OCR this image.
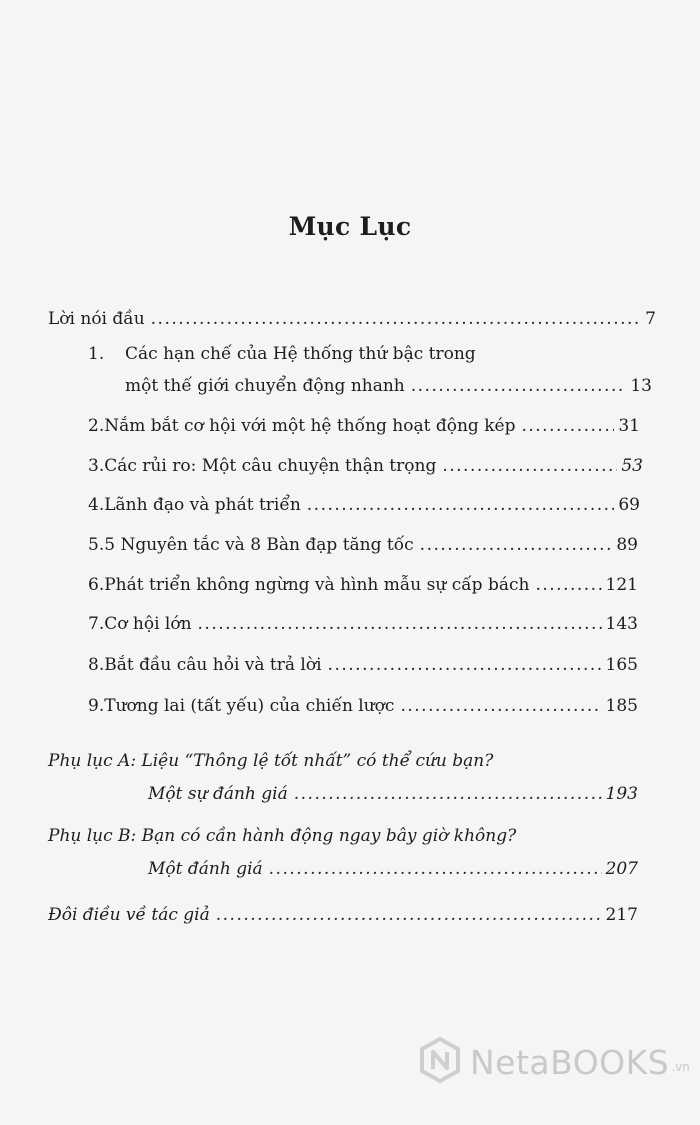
Mục Lục
Lời nói đầu .....	7
1.	Các hạn chế của Hệ thống thứ bậc trong
một thế giới chuyển động nhanh .....	13
2. Nắm bắt cơ hội với một hệ thống hoạt động kép .....	31
3. Các rủi ro: Một câu chuyện thận trọng .....	53
4. Lãnh đạo và phát triển .....	69
5. 5 Nguyên tắc và 8 Bàn đạp tăng tốc .....	89
6. Phát triển không ngừng và hình mẫu sự cấp bách .....	121
7. Cơ hội lớn .....	143
8. Bắt đầu câu hỏi và trả lời .....	165
9. Tương lai (tất yếu) của chiến lược .....	185
Phụ lục A: Liệu “Thông lệ tốt nhất” có thể cứu bạn?
Một sự đánh giá .....	193
Phụ lục B: Bạn có cần hành động ngay bây giờ không?
Một đánh giá .....	207
Đôi điều về tác giả .....	217
NetaBOOKS .vn
